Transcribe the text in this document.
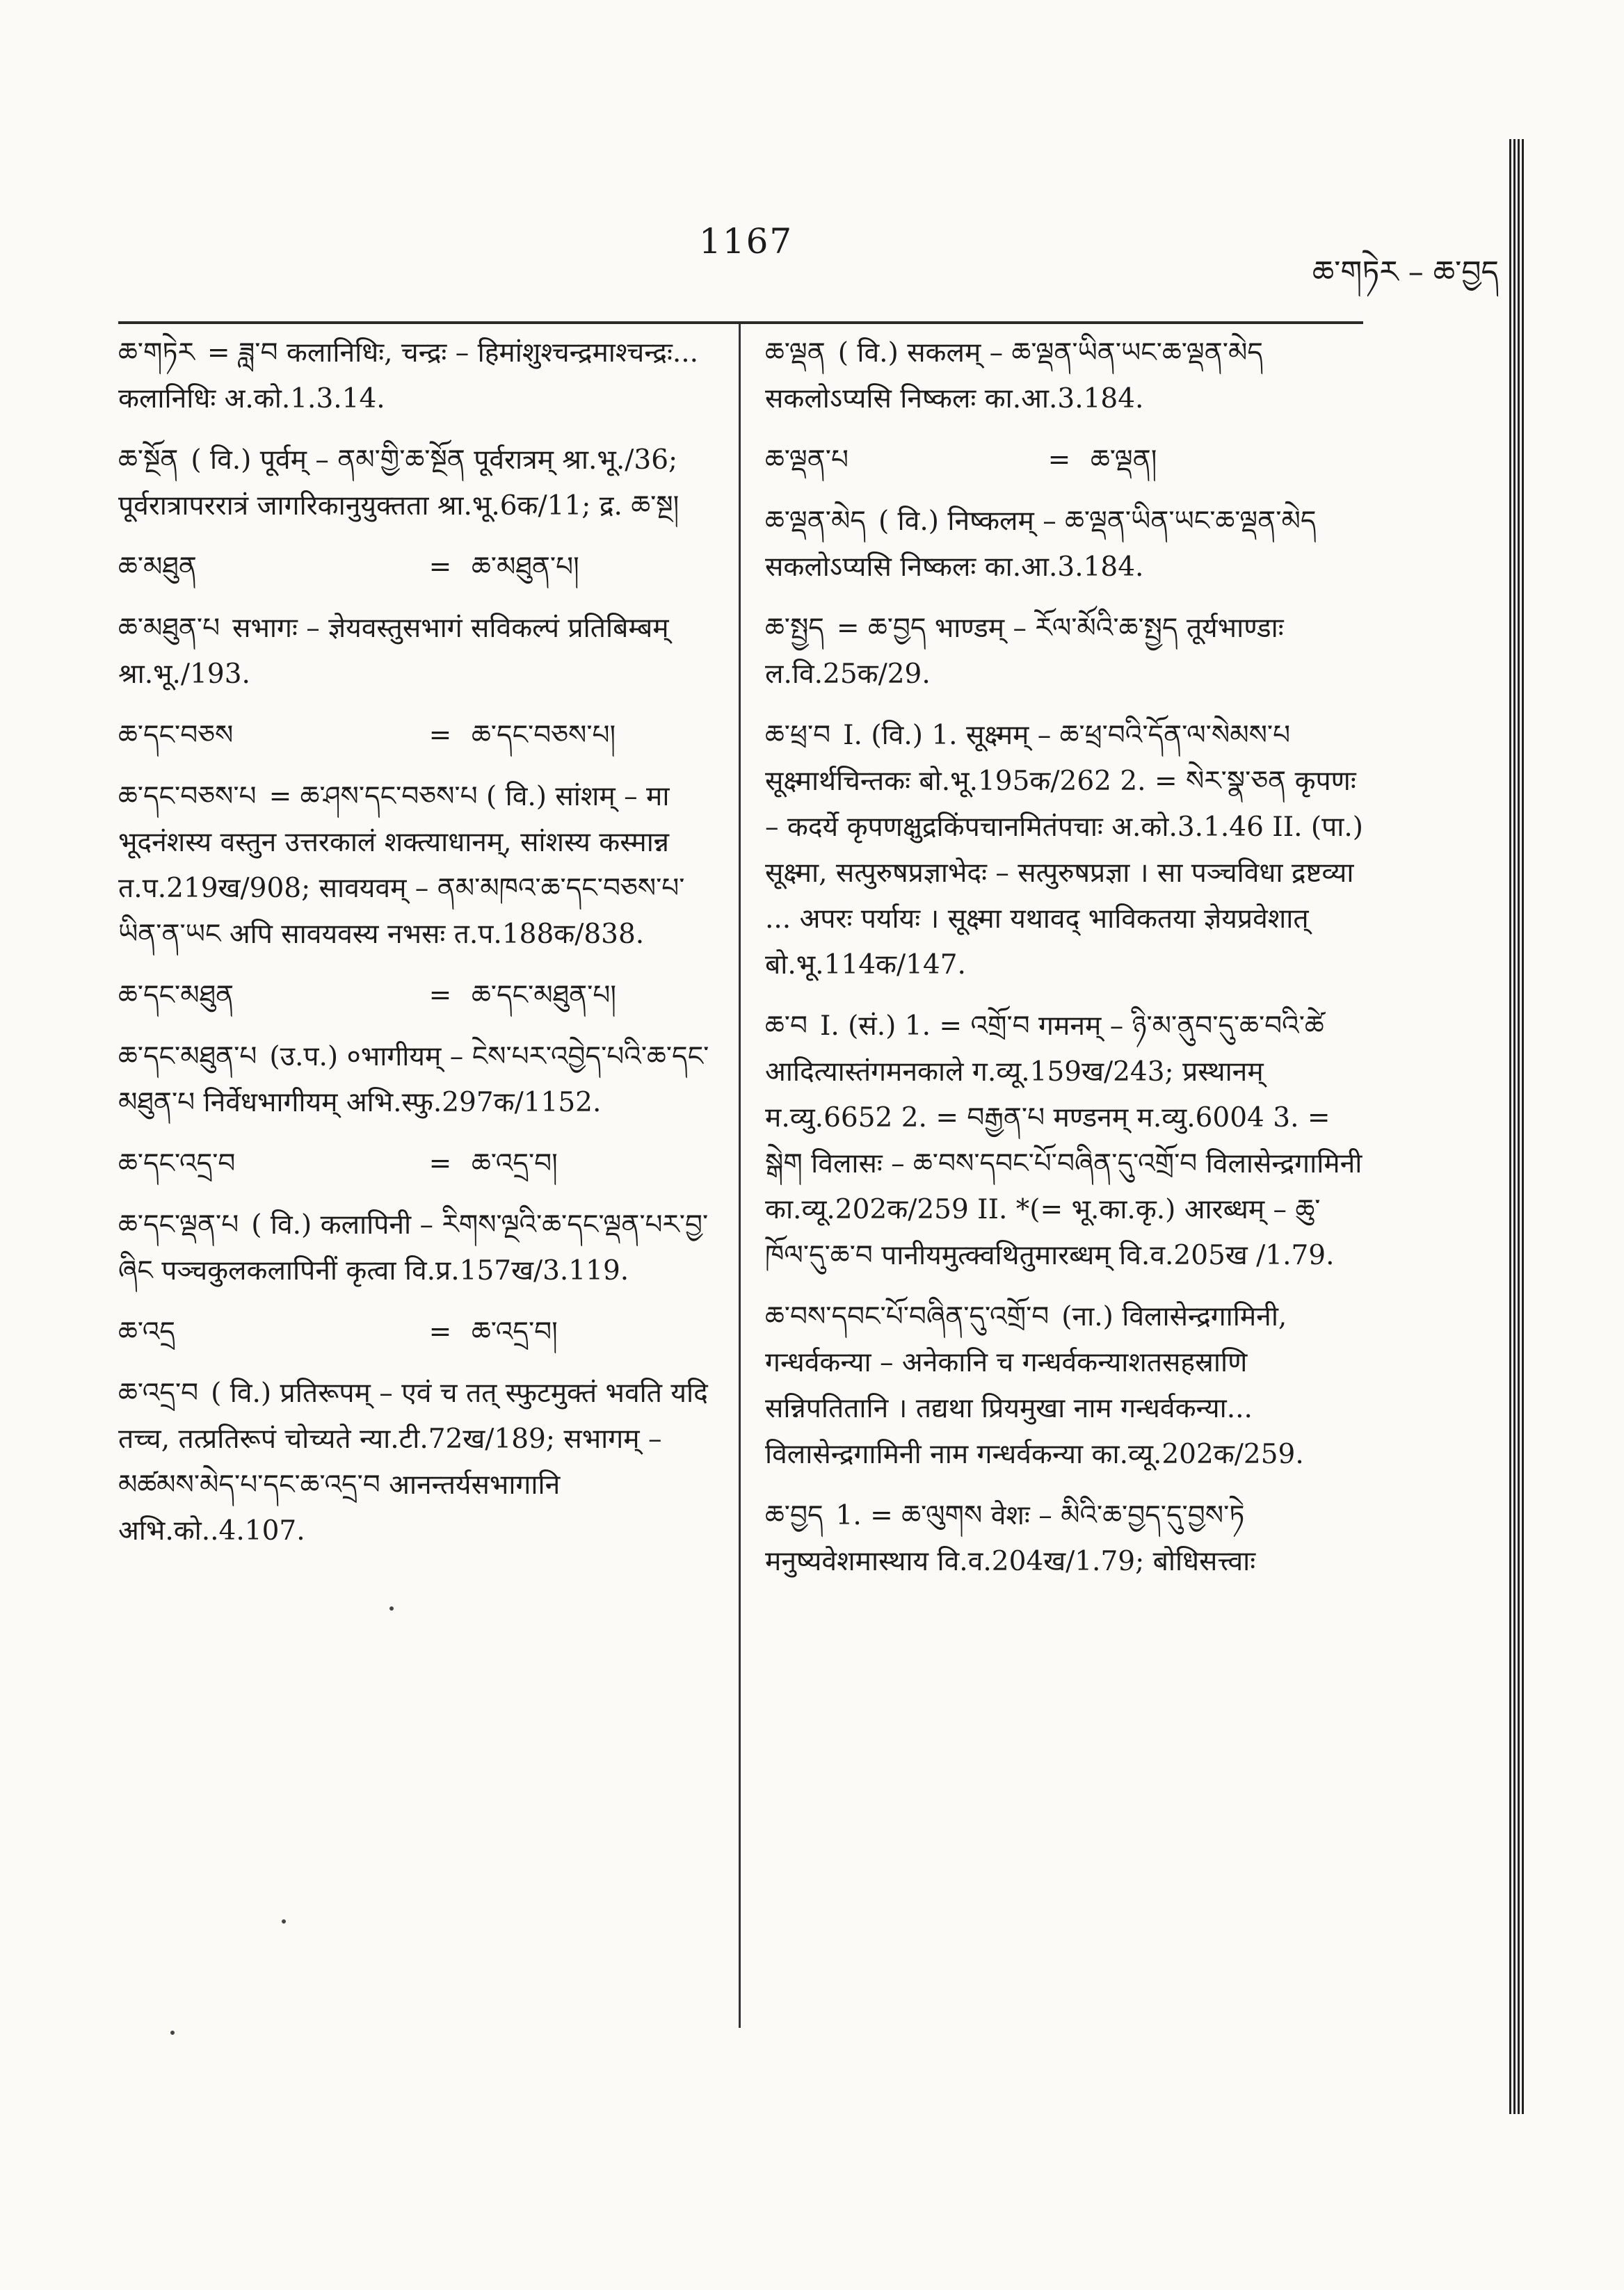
1167
ཆ་གཏེར – ཆ་བྱད
ཆ་གཏེར = ཟླ་བ कलानिधिः, चन्द्रः – हिमांशुश्चन्द्रमाश्चन्द्रः... कलानिधिः अ.को.1.3.14.
ཆ་སྔོན ( वि.) पूर्वम् – ནམ་གྱི་ཆ་སྔོན पूर्वरात्रम् श्रा.भू./36; पूर्वरात्रापररात्रं जागरिकानुयुक्तता श्रा.भू.6क/11; द्र. ཆ་སྔ།
ཆ་མཐུན	= ཆ་མཐུན་པ།
ཆ་མཐུན་པ सभागः – ज्ञेयवस्तुसभागं सविकल्पं प्रतिबिम्बम् श्रा.भू./193.
ཆ་དང་བཅས	= ཆ་དང་བཅས་པ།
ཆ་དང་བཅས་པ = ཆ་ཤས་དང་བཅས་པ ( वि.) सांशम् – मा भूदनंशस्य वस्तुन उत्तरकालं शक्त्याधानम्, सांशस्य कस्मान्न त.प.219ख/908; सावयवम् – ནམ་མཁའ་ཆ་དང་བཅས་པ་ཡིན་ན་ཡང अपि सावयवस्य नभसः त.प.188क/838.
ཆ་དང་མཐུན	= ཆ་དང་མཐུན་པ།
ཆ་དང་མཐུན་པ (उ.प.) ०भागीयम् – ངེས་པར་འབྱེད་པའི་ཆ་དང་མཐུན་པ निर्वेधभागीयम् अभि.स्फु.297क/1152.
ཆ་དང་འདྲ་བ	= ཆ་འདྲ་བ།
ཆ་དང་ལྡན་པ ( वि.) कलापिनी – རིགས་ལྔའི་ཆ་དང་ལྡན་པར་བྱ་ཞིང पञ्चकुलकलापिनीं कृत्वा वि.प्र.157ख/3.119.
ཆ་འདྲ	= ཆ་འདྲ་བ།
ཆ་འདྲ་བ ( वि.) प्रतिरूपम् – एवं च तत् स्फुटमुक्तं भवति यदि तच्च, तत्प्रतिरूपं चोच्यते न्या.टी.72ख/189; सभागम् – མཚམས་མེད་པ་དང་ཆ་འདྲ་བ आनन्तर्यसभागानि अभि.को..4.107.
ཆ་ལྡན ( वि.) सकलम् – ཆ་ལྡན་ཡིན་ཡང་ཆ་ལྡན་མེད सकलोऽप्यसि निष्कलः का.आ.3.184.
ཆ་ལྡན་པ	= ཆ་ལྡན།
ཆ་ལྡན་མེད ( वि.) निष्कलम् – ཆ་ལྡན་ཡིན་ཡང་ཆ་ལྡན་མེད सकलोऽप्यसि निष्कलः का.आ.3.184.
ཆ་སྤྱད = ཆ་བྱད भाण्डम् – རོལ་མོའི་ཆ་སྤྱད तूर्यभाण्डाः ल.वि.25क/29.
ཆ་ཕྲ་བ I. (वि.) 1. सूक्ष्मम् – ཆ་ཕྲ་བའི་དོན་ལ་སེམས་པ सूक्ष्मार्थचिन्तकः बो.भू.195क/262 2. = སེར་སྣ་ཅན कृपणः – कदर्ये कृपणक्षुद्रकिंपचानमितंपचाः अ.को.3.1.46 II. (पा.) सूक्ष्मा, सत्पुरुषप्रज्ञाभेदः – सत्पुरुषप्रज्ञा । सा पञ्चविधा द्रष्टव्या ... अपरः पर्यायः । सूक्ष्मा यथावद् भाविकतया ज्ञेयप्रवेशात् बो.भू.114क/147.
ཆ་བ I. (सं.) 1. = འགྲོ་བ गमनम् – ཉི་མ་ནུབ་དུ་ཆ་བའི་ཚེ आदित्यास्तंगमनकाले ग.व्यू.159ख/243; प्रस्थानम् म.व्यु.6652 2. = བརྒྱན་པ मण्डनम् म.व्यु.6004 3. = སྒེག विलासः – ཆ་བས་དབང་པོ་བཞིན་དུ་འགྲོ་བ विलासेन्द्रगामिनी का.व्यू.202क/259 II. *(= भू.का.कृ.) आरब्धम् – ཆུ་ཁོལ་དུ་ཆ་བ पानीयमुत्क्वथितुमारब्धम् वि.व.205ख /1.79.
ཆ་བས་དབང་པོ་བཞིན་དུ་འགྲོ་བ (ना.) विलासेन्द्रगामिनी, गन्धर्वकन्या – अनेकानि च गन्धर्वकन्याशतसहस्राणि सन्निपतितानि । तद्यथा प्रियमुखा नाम गन्धर्वकन्या... विलासेन्द्रगामिनी नाम गन्धर्वकन्या का.व्यू.202क/259.
ཆ་བྱད 1. = ཆ་ལུགས वेशः – མིའི་ཆ་བྱད་དུ་བྱས་ཏེ मनुष्यवेशमास्थाय वि.व.204ख/1.79; बोधिसत्त्वाः
